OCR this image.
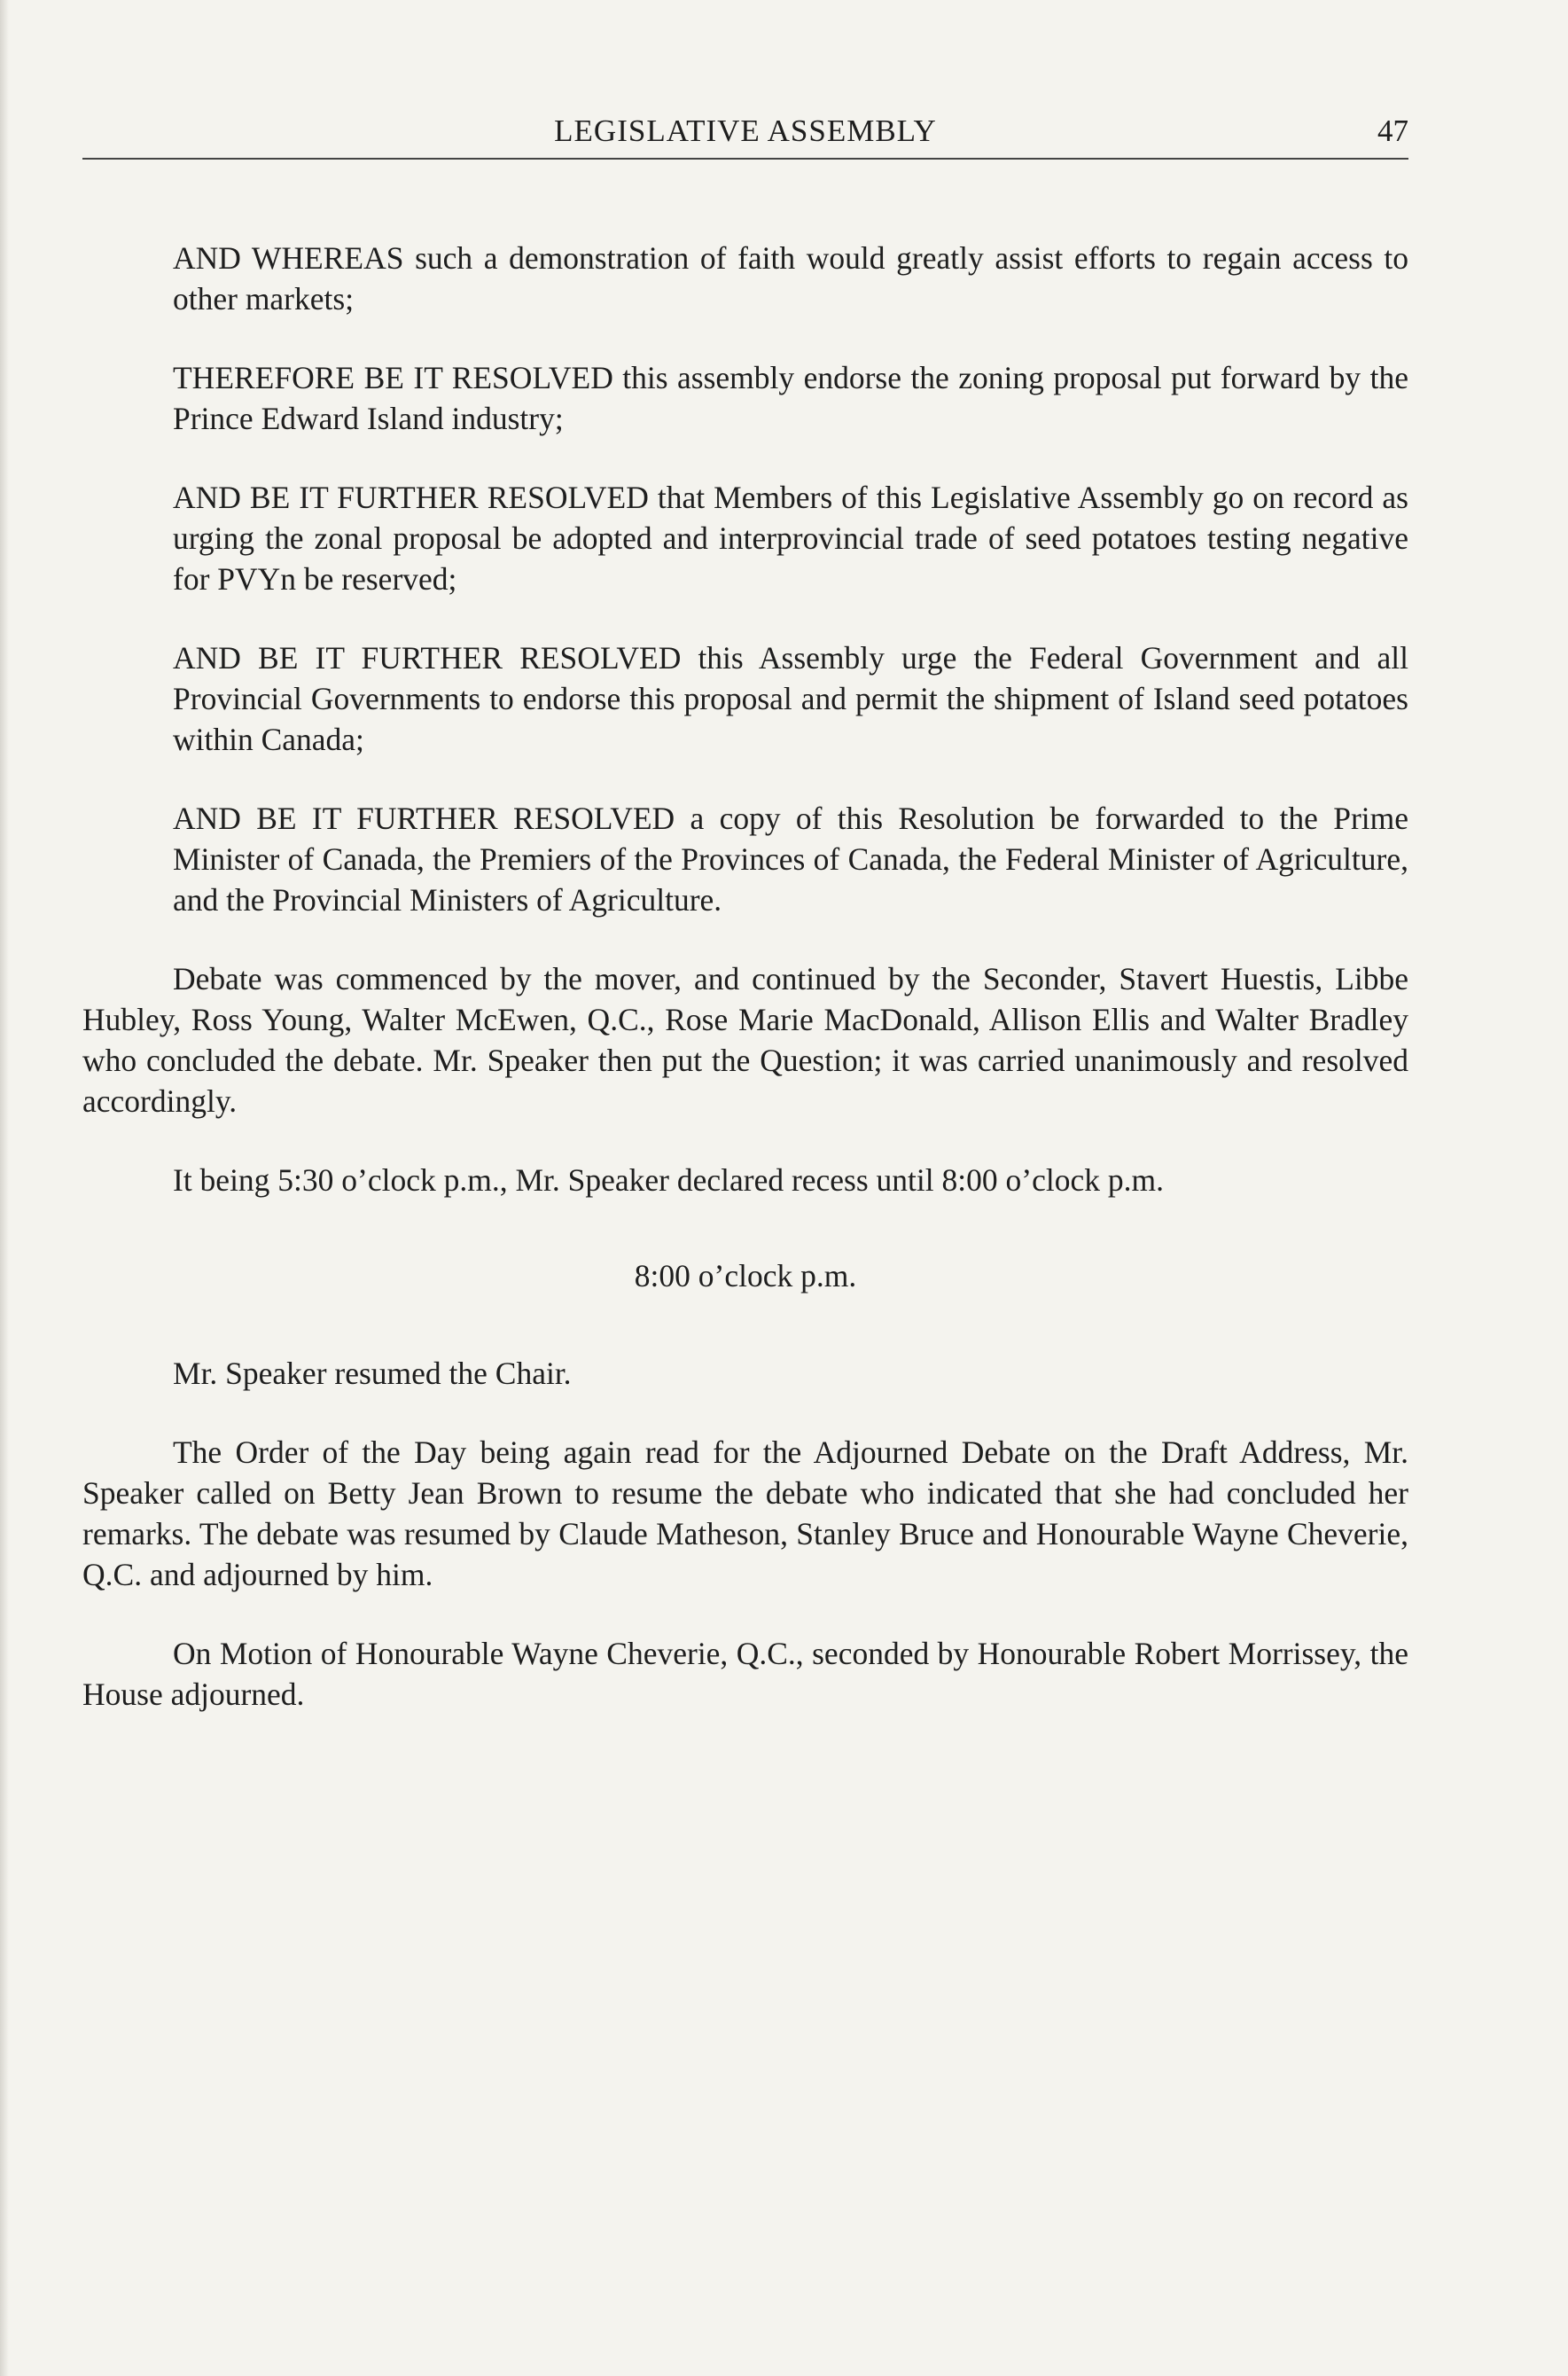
LEGISLATIVE ASSEMBLY	47

AND WHEREAS such a demonstration of faith would greatly assist efforts to regain access to other markets;

THEREFORE BE IT RESOLVED this assembly endorse the zoning proposal put forward by the Prince Edward Island industry;

AND BE IT FURTHER RESOLVED that Members of this Legislative Assembly go on record as urging the zonal proposal be adopted and interprovincial trade of seed potatoes testing negative for PVYn be reserved;

AND BE IT FURTHER RESOLVED this Assembly urge the Federal Government and all Provincial Governments to endorse this proposal and permit the shipment of Island seed potatoes within Canada;

AND BE IT FURTHER RESOLVED a copy of this Resolution be forwarded to the Prime Minister of Canada, the Premiers of the Provinces of Canada, the Federal Minister of Agriculture, and the Provincial Ministers of Agriculture.

Debate was commenced by the mover, and continued by the Seconder, Stavert Huestis, Libbe Hubley, Ross Young, Walter McEwen, Q.C., Rose Marie MacDonald, Allison Ellis and Walter Bradley who concluded the debate. Mr. Speaker then put the Question; it was carried unanimously and resolved accordingly.

It being 5:30 o’clock p.m., Mr. Speaker declared recess until 8:00 o’clock p.m.

8:00 o’clock p.m.

Mr. Speaker resumed the Chair.

The Order of the Day being again read for the Adjourned Debate on the Draft Address, Mr. Speaker called on Betty Jean Brown to resume the debate who indicated that she had concluded her remarks. The debate was resumed by Claude Matheson, Stanley Bruce and Honourable Wayne Cheverie, Q.C. and adjourned by him.

On Motion of Honourable Wayne Cheverie, Q.C., seconded by Honourable Robert Morrissey, the House adjourned.
